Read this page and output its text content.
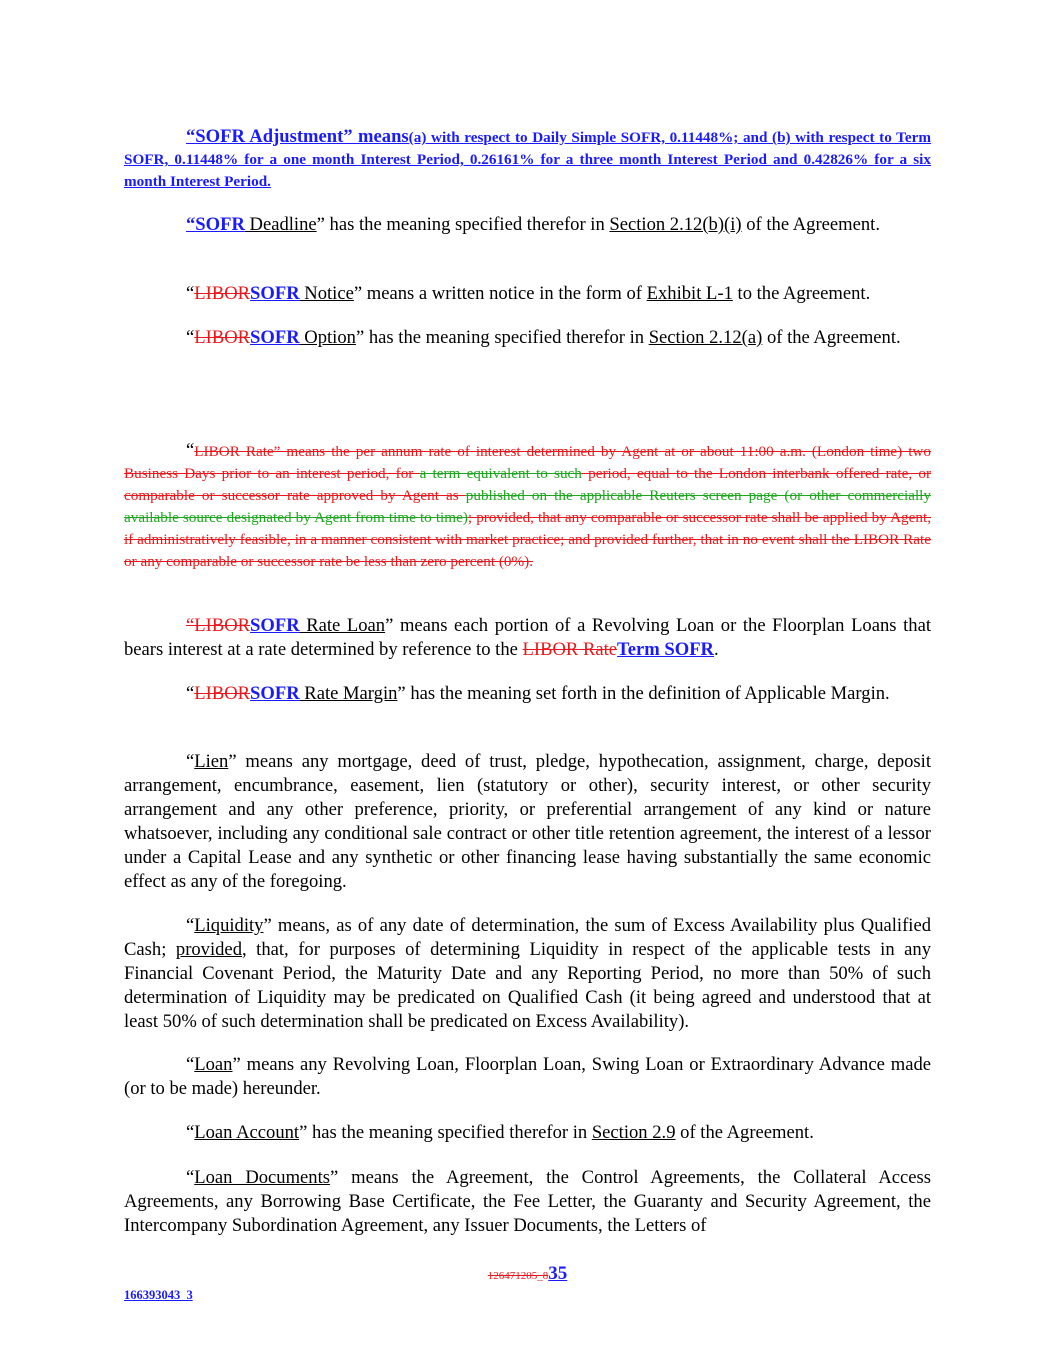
“SOFR Adjustment” means(a) with respect to Daily Simple SOFR, 0.11448%; and (b) with respect to Term SOFR, 0.11448% for a one month Interest Period, 0.26161% for a three month Interest Period and 0.42826% for a six month Interest Period.

“SOFR Deadline” has the meaning specified therefor in Section 2.12(b)(i) of the Agreement.

“LIBORSOFR Notice” means a written notice in the form of Exhibit L-1 to the Agreement.

“LIBORSOFR Option” has the meaning specified therefor in Section 2.12(a) of the Agreement.

“LIBOR Rate” means the per annum rate of interest determined by Agent at or about 11:00 a.m. (London time) two Business Days prior to an interest period, for a term equivalent to such period, equal to the London interbank offered rate, or comparable or successor rate approved by Agent as published on the applicable Reuters screen page (or other commercially available source designated by Agent from time to time); provided, that any comparable or successor rate shall be applied by Agent, if administratively feasible, in a manner consistent with market practice; and provided further, that in no event shall the LIBOR Rate or any comparable or successor rate be less than zero percent (0%).

“LIBORSOFR Rate Loan” means each portion of a Revolving Loan or the Floorplan Loans that bears interest at a rate determined by reference to the LIBOR RateTerm SOFR.

“LIBORSOFR Rate Margin” has the meaning set forth in the definition of Applicable Margin.

“Lien” means any mortgage, deed of trust, pledge, hypothecation, assignment, charge, deposit arrangement, encumbrance, easement, lien (statutory or other), security interest, or other security arrangement and any other preference, priority, or preferential arrangement of any kind or nature whatsoever, including any conditional sale contract or other title retention agreement, the interest of a lessor under a Capital Lease and any synthetic or other financing lease having substantially the same economic effect as any of the foregoing.

“Liquidity” means, as of any date of determination, the sum of Excess Availability plus Qualified Cash; provided, that, for purposes of determining Liquidity in respect of the applicable tests in any Financial Covenant Period, the Maturity Date and any Reporting Period, no more than 50% of such determination of Liquidity may be predicated on Qualified Cash (it being agreed and understood that at least 50% of such determination shall be predicated on Excess Availability).

“Loan” means any Revolving Loan, Floorplan Loan, Swing Loan or Extraordinary Advance made (or to be made) hereunder.

“Loan Account” has the meaning specified therefor in Section 2.9 of the Agreement.

“Loan Documents” means the Agreement, the Control Agreements, the Collateral Access Agreements, any Borrowing Base Certificate, the Fee Letter, the Guaranty and Security Agreement, the Intercompany Subordination Agreement, any Issuer Documents, the Letters of

126471205_835
166393043_3
